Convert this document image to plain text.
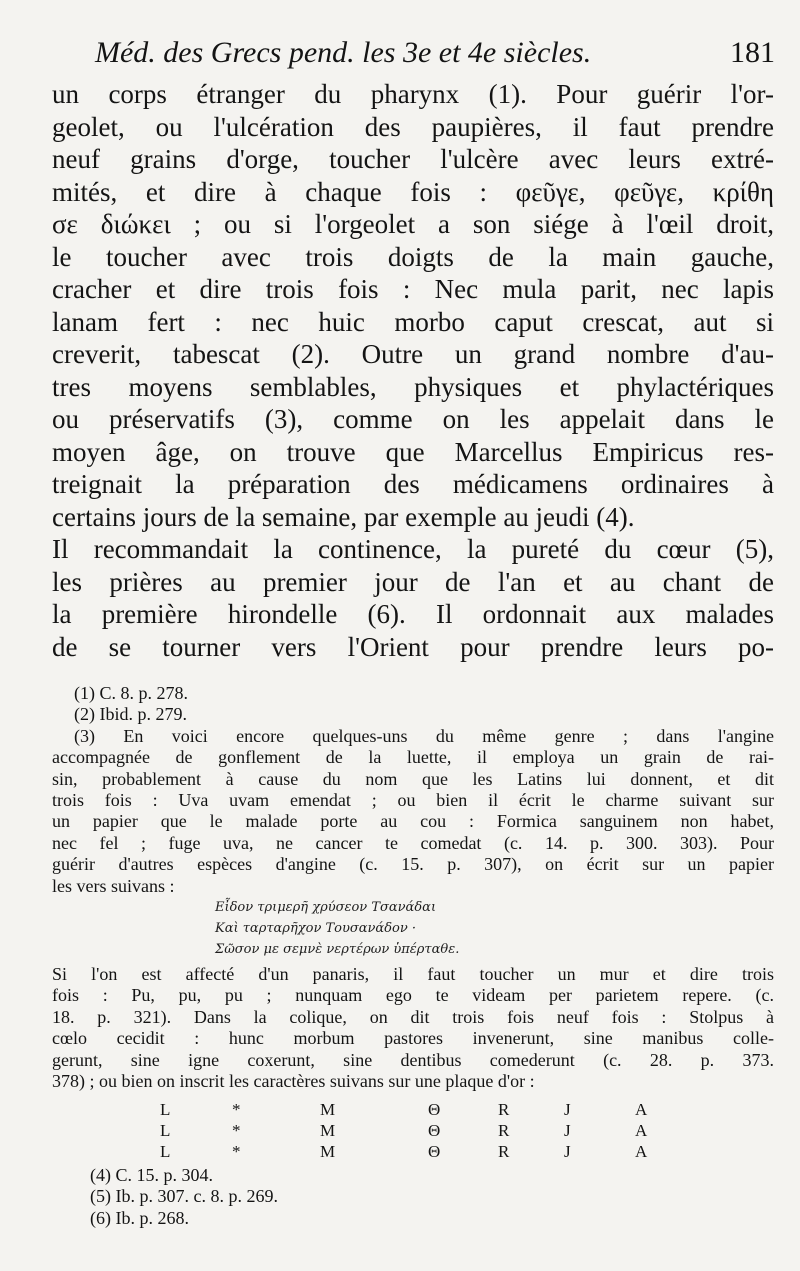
Méd. des Grecs pend. les 3e et 4e siècles.	181
un corps étranger du pharynx (1). Pour guérir l'or-
geolet, ou l'ulcération des paupières, il faut prendre
neuf grains d'orge, toucher l'ulcère avec leurs extré-
mités, et dire à chaque fois : φεῦγε, φεῦγε, κρίθη
σε διώκει ; ou si l'orgeolet a son siége à l'œil droit,
le toucher avec trois doigts de la main gauche,
cracher et dire trois fois : Nec mula parit, nec lapis
lanam fert : nec huic morbo caput crescat, aut si
creverit, tabescat (2). Outre un grand nombre d'au-
tres moyens semblables, physiques et phylactériques
ou préservatifs (3), comme on les appelait dans le
moyen âge, on trouve que Marcellus Empiricus res-
treignait la préparation des médicamens ordinaires à
certains jours de la semaine, par exemple au jeudi (4).
Il recommandait la continence, la pureté du cœur (5),
les prières au premier jour de l'an et au chant de
la première hirondelle (6). Il ordonnait aux malades
de se tourner vers l'Orient pour prendre leurs po-
(1) C. 8. p. 278.
(2) Ibid. p. 279.
(3) En voici encore quelques-uns du même genre ; dans l'angine
accompagnée de gonflement de la luette, il employa un grain de rai-
sin, probablement à cause du nom que les Latins lui donnent, et dit
trois fois : Uva uvam emendat ; ou bien il écrit le charme suivant sur
un papier que le malade porte au cou : Formica sanguinem non habet,
nec fel ; fuge uva, ne cancer te comedat (c. 14. p. 300. 303). Pour
guérir d'autres espèces d'angine (c. 15. p. 307), on écrit sur un papier
les vers suivans :
Εἶδον τριμερῆ χρύσεον Τσανάδαι
Καὶ ταρταρῆχον Τουσανάδον ·
Σῶσον με σεμνὲ νερτέρων ὑπέρταθε.
Si l'on est affecté d'un panaris, il faut toucher un mur et dire trois
fois : Pu, pu, pu ; nunquam ego te videam per parietem repere. (c.
18. p. 321). Dans la colique, on dit trois fois neuf fois : Stolpus à
cœlo cecidit : hunc morbum pastores invenerunt, sine manibus colle-
gerunt, sine igne coxerunt, sine dentibus comederunt (c. 28. p. 373.
378) ; ou bien on inscrit les caractères suivans sur une plaque d'or :
L	*	M	Θ	R	J	A
L	*	M	Θ	R	J	A
L	*	M	Θ	R	J	A
(4) C. 15. p. 304.
(5) Ib. p. 307. c. 8. p. 269.
(6) Ib. p. 268.
